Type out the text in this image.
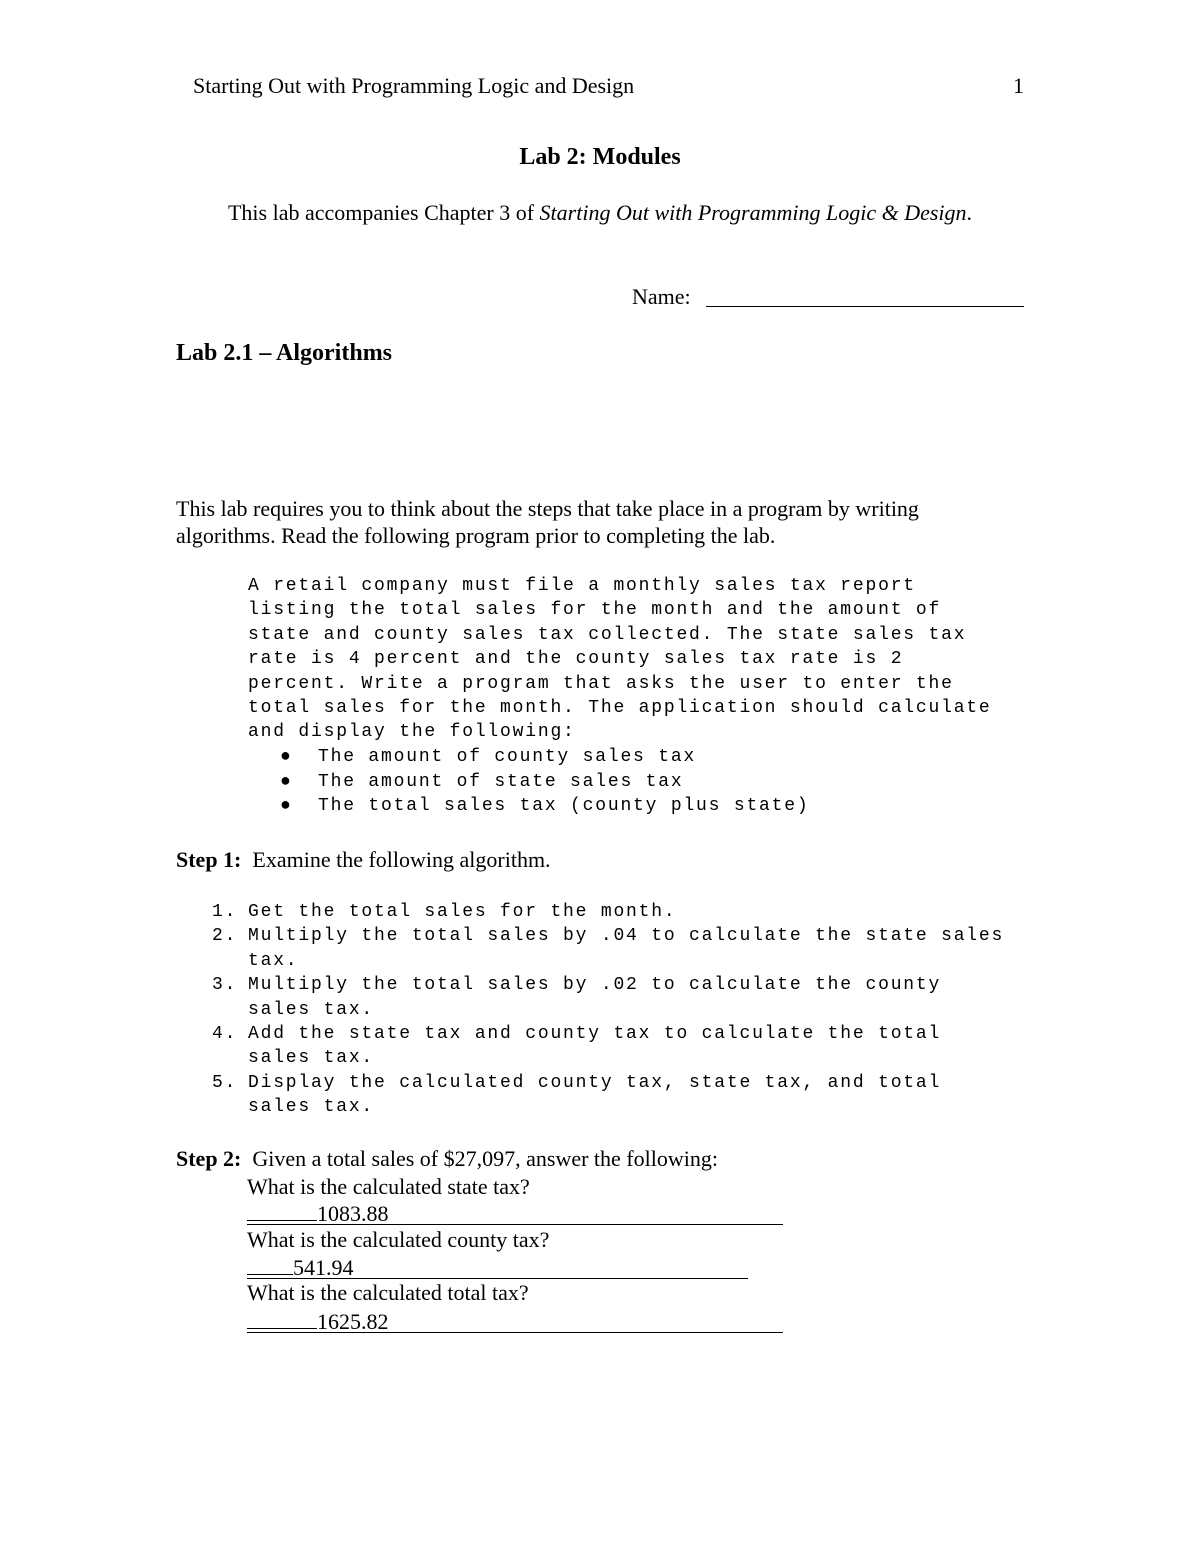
Starting Out with Programming Logic and Design	1
Lab 2: Modules
This lab accompanies Chapter 3 of Starting Out with Programming Logic & Design.
Name:
Lab 2.1 – Algorithms
This lab requires you to think about the steps that take place in a program by writing
algorithms. Read the following program prior to completing the lab.
A retail company must file a monthly sales tax report
listing the total sales for the month and the amount of
state and county sales tax collected. The state sales tax
rate is 4 percent and the county sales tax rate is 2
percent. Write a program that asks the user to enter the
total sales for the month. The application should calculate
and display the following:
●	The amount of county sales tax
●	The amount of state sales tax
●	The total sales tax (county plus state)
Step 1:  Examine the following algorithm.
1. Get the total sales for the month.
2. Multiply the total sales by .04 to calculate the state sales
tax.
3. Multiply the total sales by .02 to calculate the county
sales tax.
4. Add the state tax and county tax to calculate the total
sales tax.
5. Display the calculated county tax, state tax, and total
sales tax.
Step 2:  Given a total sales of $27,097, answer the following:
What is the calculated state tax?
1083.88
What is the calculated county tax?
541.94
What is the calculated total tax?
1625.82
